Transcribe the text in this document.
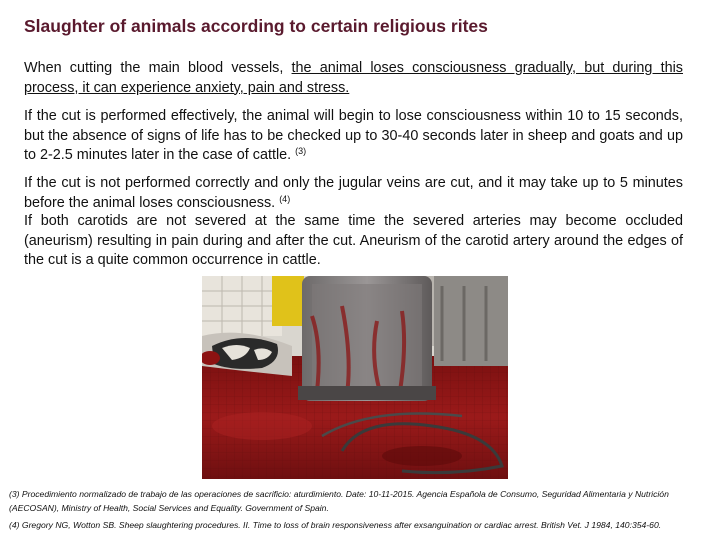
Slaughter of animals according to certain religious rites
When cutting the main blood vessels, the animal loses consciousness gradually, but during this process, it can experience anxiety, pain and stress.
If the cut is performed effectively, the animal will begin to lose consciousness within 10 to 15 seconds, but the absence of signs of life has to be checked up to 30-40 seconds later in sheep and goats and up to 2-2.5 minutes later in the case of cattle. $^{(3)}$
If the cut is not performed correctly and only the jugular veins are cut, and it may take up to 5 minutes before the animal loses consciousness. $^{(4)}$
If both carotids are not severed at the same time the severed arteries may become occluded (aneurism) resulting in pain during and after the cut. Aneurism of the carotid artery around the edges of the cut is a quite common occurrence in cattle.
(3) Procedimiento normalizado de trabajo de las operaciones de sacrificio: aturdimiento. Date: 10-11-2015. Agencia Española de Consumo, Seguridad Alimentaria y Nutrición (AECOSAN), Ministry of Health, Social Services and Equality. Government of Spain.
(4) Gregory NG, Wotton SB. Sheep slaughtering procedures. II. Time to loss of brain responsiveness after exsanguination or cardiac arrest. British Vet. J 1984, 140:354-60.
